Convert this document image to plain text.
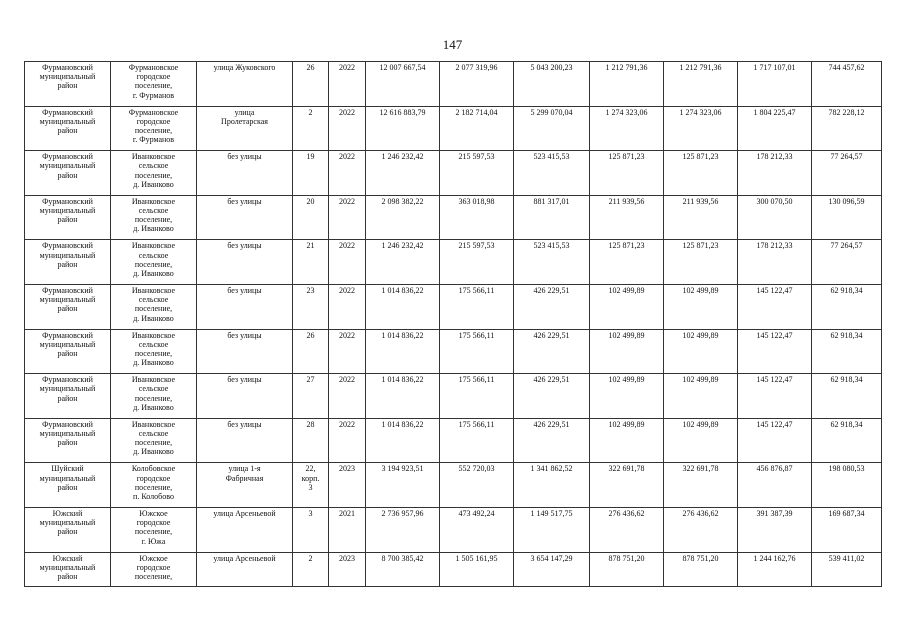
147
Фурмановский
муниципальный
район	Фурмановское
городское
поселение,
г. Фурманов	улица Жуковского	26	2022	12 007 667,54	2 077 319,96	5 043 200,23	1 212 791,36	1 212 791,36	1 717 107,01	744 457,62
Фурмановский
муниципальный
район	Фурмановское
городское
поселение,
г. Фурманов	улица
Пролетарская	2	2022	12 616 883,79	2 182 714,04	5 299 070,04	1 274 323,06	1 274 323,06	1 804 225,47	782 228,12
Фурмановский
муниципальный
район	Иванковское
сельское
поселение,
д. Иванково	без улицы	19	2022	1 246 232,42	215 597,53	523 415,53	125 871,23	125 871,23	178 212,33	77 264,57
Фурмановский
муниципальный
район	Иванковское
сельское
поселение,
д. Иванково	без улицы	20	2022	2 098 382,22	363 018,98	881 317,01	211 939,56	211 939,56	300 070,50	130 096,59
Фурмановский
муниципальный
район	Иванковское
сельское
поселение,
д. Иванково	без улицы	21	2022	1 246 232,42	215 597,53	523 415,53	125 871,23	125 871,23	178 212,33	77 264,57
Фурмановский
муниципальный
район	Иванковское
сельское
поселение,
д. Иванково	без улицы	23	2022	1 014 836,22	175 566,11	426 229,51	102 499,89	102 499,89	145 122,47	62 918,34
Фурмановский
муниципальный
район	Иванковское
сельское
поселение,
д. Иванково	без улицы	26	2022	1 014 836,22	175 566,11	426 229,51	102 499,89	102 499,89	145 122,47	62 918,34
Фурмановский
муниципальный
район	Иванковское
сельское
поселение,
д. Иванково	без улицы	27	2022	1 014 836,22	175 566,11	426 229,51	102 499,89	102 499,89	145 122,47	62 918,34
Фурмановский
муниципальный
район	Иванковское
сельское
поселение,
д. Иванково	без улицы	28	2022	1 014 836,22	175 566,11	426 229,51	102 499,89	102 499,89	145 122,47	62 918,34
Шуйский
муниципальный
район	Колобовское
городское
поселение,
п. Колобово	улица 1-я
Фабричная	22,
корп.
3	2023	3 194 923,51	552 720,03	1 341 862,52	322 691,78	322 691,78	456 876,87	198 080,53
Южский
муниципальный
район	Южское
городское
поселение,
г. Южа	улица Арсеньевой	3	2021	2 736 957,96	473 492,24	1 149 517,75	276 436,62	276 436,62	391 387,39	169 687,34
Южский
муниципальный
район	Южское
городское
поселение,	улица Арсеньевой	2	2023	8 700 385,42	1 505 161,95	3 654 147,29	878 751,20	878 751,20	1 244 162,76	539 411,02
